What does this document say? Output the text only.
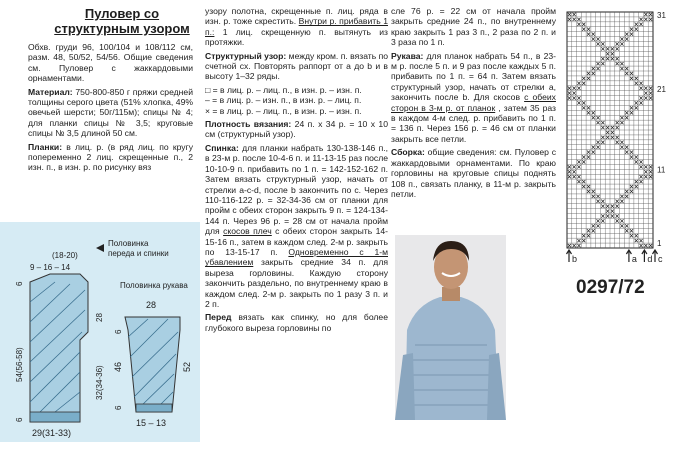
Пуловер со
структурным узором

Обхв. груди 96, 100/104 и 108/112 см, разм. 48, 50/52, 54/56. Общие сведения см. Пуловер с жаккардовыми орнаментами.

Материал: 750-800-850 г пряжи средней толщины серого цвета (51% хлопка, 49% овечьей шерсти; 50г/115м); спицы № 4; для планки спицы № 3,5; круговые спицы № 3,5 длиной 50 см.

Планки: в лиц. р. (в ряд лиц. по кругу попеременно 2 лиц. скрещенные п., 2 изн. п., в изн. р. по рисунку вяз

Половинка
переда и спинки
Половинка рукава
(18-20)
9 – 16 – 14
29(31-33)
54(56-58)
6
28
32(34-36)
6
28
46	52
6
6
15 – 13

узору полотна, скрещенные п. лиц. ряда в изн. р. тоже скрестить. Внутри р. прибавить 1 п.: 1 лиц. скрещенную п. вытянуть из протяжки.

Структурный узор: между кром. п. вязать по счетной сх. Повторять раппорт от а до b и в высоту 1–32 ряды.

□ = в лиц. р. – лиц. п., в изн. р. – изн. п.

– = в лиц. р. – изн. п., в изн. р. – лиц. п.

× = в лиц. р. – лиц. п., в изн. р. – изн. п.

Плотность вязания: 24 п. х 34 р. = 10 х 10 см (структурный узор).

Спинка: для планки набрать 130-138-146 п., в 23-м р. после 10-4-6 п. и 11-13-15 раз после 10-10-9 п. прибавить по 1 п. = 142-152-162 п. Затем вязать структурный узор, начать от стрелки a-c-d, после b закончить по с. Через 110-116-122 р. = 32-34-36 см от планки для пройм с обеих сторон закрыть 9 п. = 124-134-144 п. Через 96 р. = 28 см от начала пройм для скосов плеч с обеих сторон закрыть 14-15-16 п., затем в каждом след. 2-м р. закрыть по 13-15-17 п. Одновременно с 1-м убавлением закрыть средние 34 п. для выреза горловины. Каждую сторону закончить раздельно, по внутреннему краю в каждом след. 2-м р. закрыть по 1 разу 3 п. и 2 п.

Перед вязать как спинку, но для более глубокого выреза горловины по

сле 76 р. = 22 см от начала пройм закрыть средние 24 п., по внутреннему краю закрыть 1 раз 3 п., 2 раза по 2 п. и 3 раза по 1 п.

Рукава: для планок набрать 54 п., в 23-м р. после 5 п. и 9 раз после каждых 5 п. прибавить по 1 п. = 64 п. Затем вязать структурный узор, начать от стрелки а, закончить после b. Для скосов с обеих сторон в 3-м р. от планок , затем 35 раз в каждом 4-м след. р. прибавить по 1 п. = 136 п. Через 156 р. = 46 см от планки закрыть все петли.

Сборка: общие сведения: см. Пуловер с жаккардовыми орнаментами. По краю горловины на круговые спицы поднять 108 п., связать планку, в 11-м р. закрыть петли.

31
21
11
1
b	a d c
0297/72
